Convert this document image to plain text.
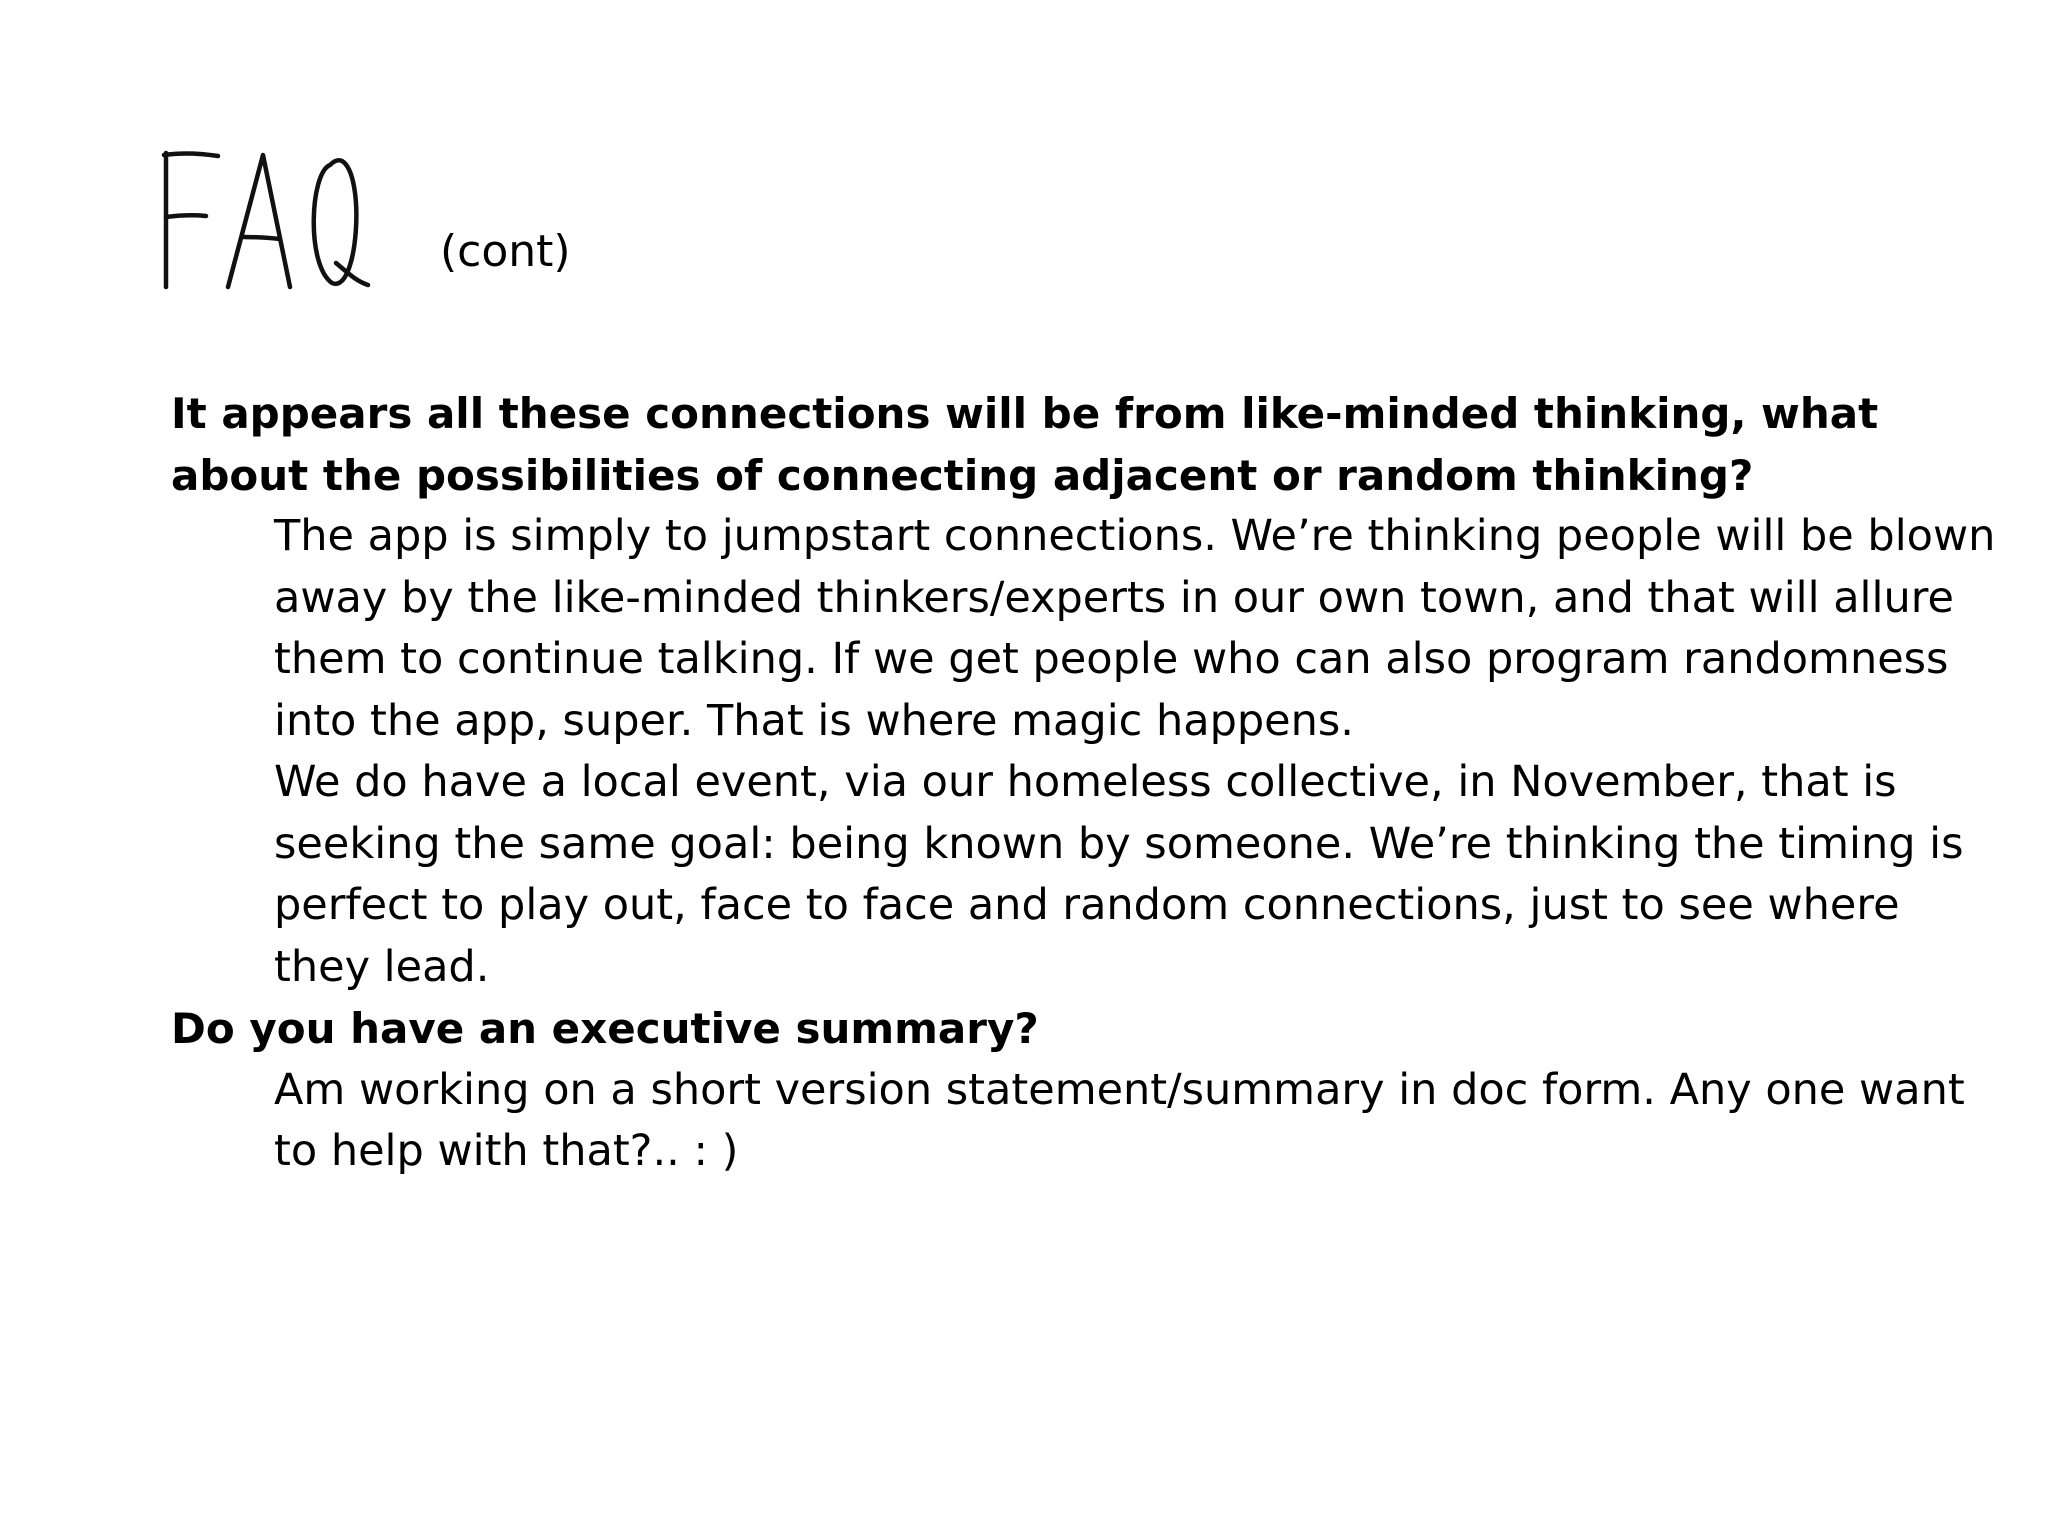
(cont)

It appears all these connections will be from like-minded thinking, what about the possibilities of connecting adjacent or random thinking?

The app is simply to jumpstart connections. We’re thinking people will be blown away by the like-minded thinkers/experts in our own town, and that will allure them to continue talking. If we get people who can also program randomness into the app, super. That is where magic happens.

We do have a local event, via our homeless collective, in November, that is seeking the same goal: being known by someone. We’re thinking the timing is perfect to play out, face to face and random connections, just to see where they lead.

Do you have an executive summary?

Am working on a short version statement/summary in doc form. Any one want to help with that?.. : )
